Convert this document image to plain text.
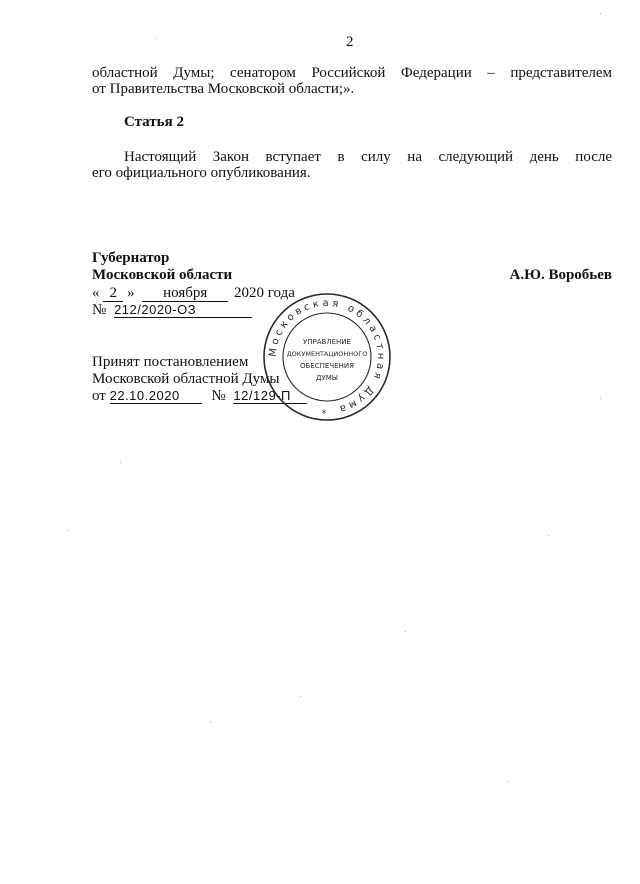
2
областной Думы; сенатором Российской Федерации – представителем
от Правительства Московской области;».
Статья 2
Настоящий Закон вступает в силу на следующий день после
его официального опубликования.
Губернатор
Московской области	А.Ю. Воробьев
« 2 » ноября 2020 года
№ 212/2020-ОЗ
Принят постановлением
Московской областной Думы
от 22.10.2020 № 12/129-П
Московская областная Дума
УПРАВЛЕНИЕ
ДОКУМЕНТАЦИОННОГО
ОБЕСПЕЧЕНИЯ
ДУМЫ
*
